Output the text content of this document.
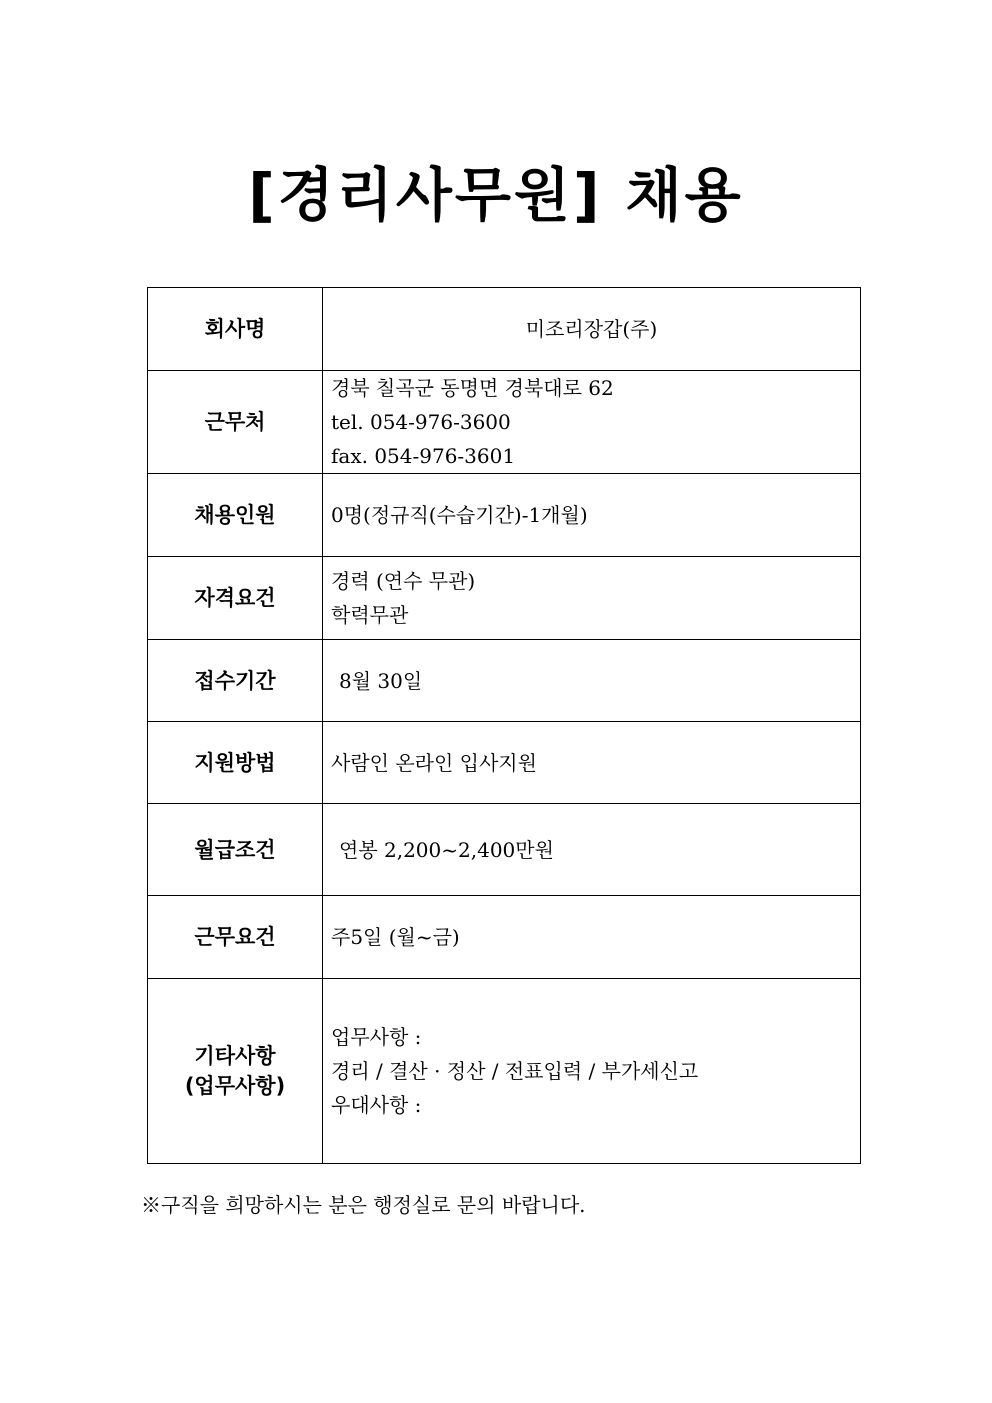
[경리사무원] 채용
회사명	미조리장갑(주)

근무처	경북 칠곡군 동명면 경북대로 62
tel. 054-976-3600
fax. 054-976-3601

채용인원	0명(정규직(수습기간)-1개월)

자격요건	경력 (연수 무관)
학력무관

접수기간	8월 30일

지원방법	사람인 온라인 입사지원

월급조건	연봉 2,200~2,400만원

근무요건	주5일 (월~금)

기타사항
(업무사항)	업무사항 :
경리 / 결산 · 정산 / 전표입력 / 부가세신고
우대사항 :

※구직을 희망하시는 분은 행정실로 문의 바랍니다.
